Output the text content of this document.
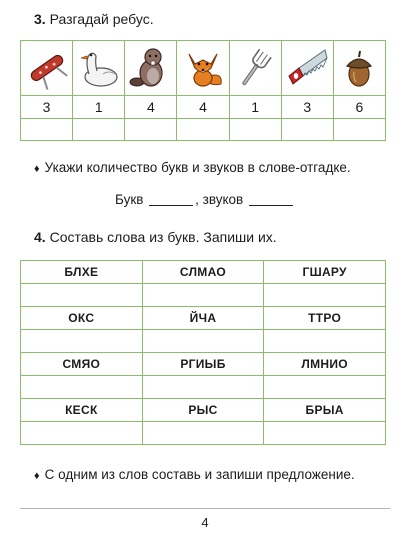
3. Разгадай ребус.

3	1	4	4	1	3	6

♦ Укажи количество букв и звуков в слове-отгадке.
Букв	, звуков
4. Составь слова из букв. Запиши их.
БЛХЕ	СЛМАО	ГШАРУ

ОКС	ЙЧА	ТТРО

СМЯО	РГИЫБ	ЛМНИО

КЕСК	РЫС	БРЫА

♦ С одним из слов составь и запиши предложение.
4
